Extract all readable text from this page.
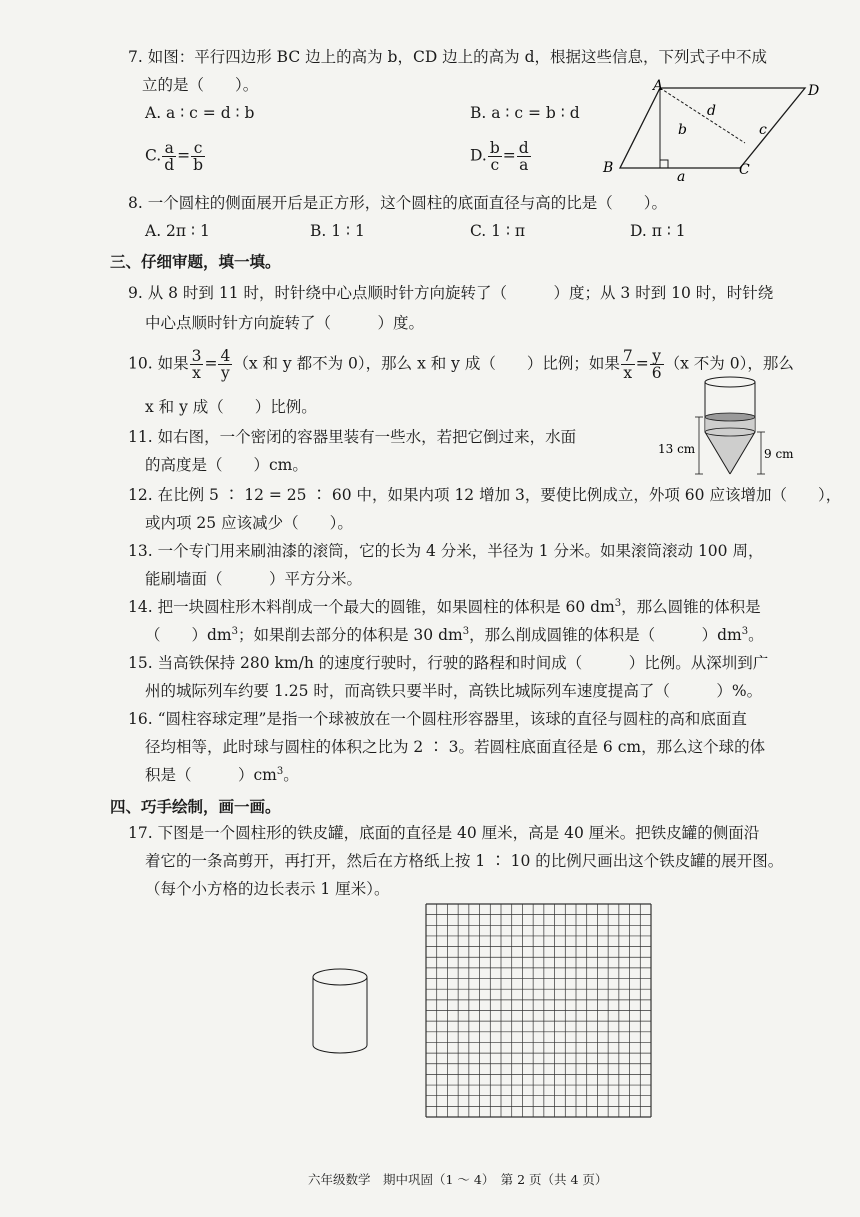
7. 如图：平行四边形 BC 边上的高为 b，CD 边上的高为 d，根据这些信息，下列式子中不成
立的是（　　）。
A. a ∶ c = d ∶ b	B. a ∶ c = b ∶ d
C. $\frac{a}{d} = \frac{c}{b}$	D. $\frac{b}{c} = \frac{d}{a}$
A	D
B	C
a
b	c
d
8. 一个圆柱的侧面展开后是正方形，这个圆柱的底面直径与高的比是（　　）。
A. 2π ∶ 1	B. 1 ∶ 1	C. 1 ∶ π	D. π ∶ 1
三、仔细审题，填一填。
9. 从 8 时到 11 时，时针绕中心点顺时针方向旋转了（　　　）度；从 3 时到 10 时，时针绕
中心点顺时针方向旋转了（　　　）度。
10. 如果 $\frac{3}{x} = \frac{4}{y} (x$ 和 y 都不为 0），那么 x 和 y 成（　　）比例；如果 $\frac{7}{x} = \frac{y}{6} (x$ 不为 0），那么
x 和 y 成（　　）比例。
11. 如右图，一个密闭的容器里装有一些水，若把它倒过来，水面
的高度是（　　）cm。
13 cm	9 cm
12. 在比例 5 ∶ 12 = 25 ∶ 60 中，如果内项 12 增加 3，要使比例成立，外项 60 应该增加（　　），
或内项 25 应该减少（　　）。
13. 一个专门用来刷油漆的滚筒，它的长为 4 分米，半径为 1 分米。如果滚筒滚动 100 周，
能刷墙面（　　　）平方分米。
14. 把一块圆柱形木料削成一个最大的圆锥，如果圆柱的体积是 60 $dm^3$，那么圆锥的体积是
（　　）$dm^3$；如果削去部分的体积是 30 $dm^3$，那么削成圆锥的体积是（　　　）$dm^3$。
15. 当高铁保持 280 km/h 的速度行驶时，行驶的路程和时间成（　　　）比例。从深圳到广
州的城际列车约要 1.25 时，而高铁只要半时，高铁比城际列车速度提高了（　　　）%。
16. “圆柱容球定理”是指一个球被放在一个圆柱形容器里，该球的直径与圆柱的高和底面直
径均相等，此时球与圆柱的体积之比为 2 ∶ 3。若圆柱底面直径是 6 cm，那么这个球的体
积是（　　　）$cm^3$。
四、巧手绘制，画一画。
17. 下图是一个圆柱形的铁皮罐，底面的直径是 40 厘米，高是 40 厘米。把铁皮罐的侧面沿
着它的一条高剪开，再打开，然后在方格纸上按 1 ∶ 10 的比例尺画出这个铁皮罐的展开图。
（每个小方格的边长表示 1 厘米）。
六年级数学　期中巩固（1 ～ 4）　第 2 页（共 4 页）
